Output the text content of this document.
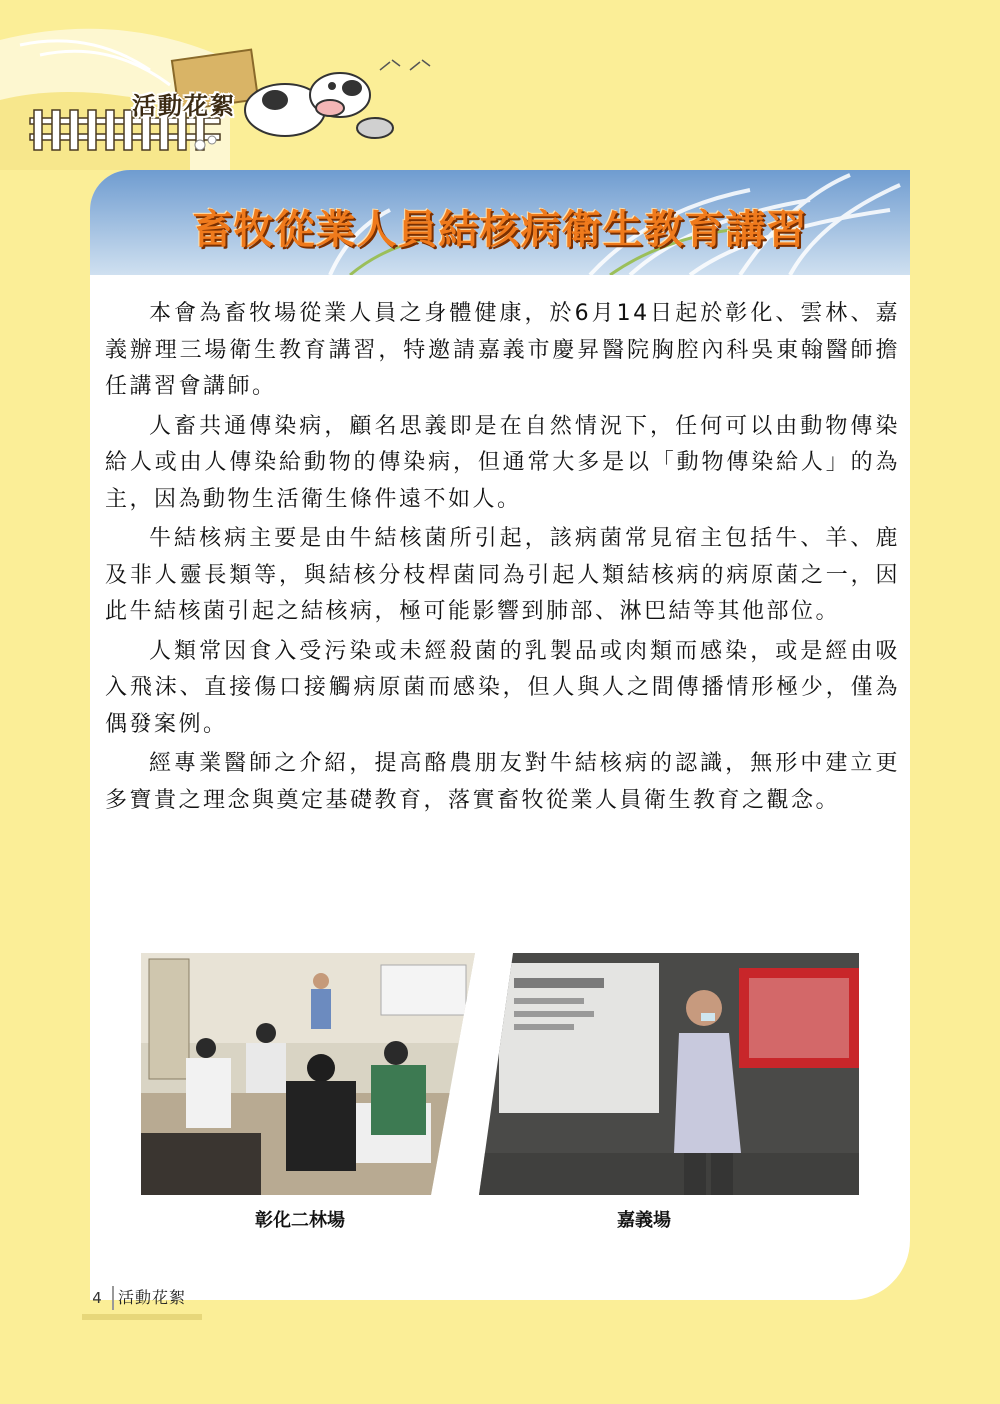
活動花絮
畜牧從業人員結核病衛生教育講習

本會為畜牧場從業人員之身體健康，於6月14日起於彰化、雲林、嘉義辦理三場衛生教育講習，特邀請嘉義市慶昇醫院胸腔內科吳東翰醫師擔任講習會講師。

人畜共通傳染病，顧名思義即是在自然情況下，任何可以由動物傳染給人或由人傳染給動物的傳染病，但通常大多是以「動物傳染給人」的為主，因為動物生活衛生條件遠不如人。

牛結核病主要是由牛結核菌所引起，該病菌常見宿主包括牛、羊、鹿及非人靈長類等，與結核分枝桿菌同為引起人類結核病的病原菌之一，因此牛結核菌引起之結核病，極可能影響到肺部、淋巴結等其他部位。

人類常因食入受污染或未經殺菌的乳製品或肉類而感染，或是經由吸入飛沫、直接傷口接觸病原菌而感染，但人與人之間傳播情形極少，僅為偶發案例。

經專業醫師之介紹，提高酪農朋友對牛結核病的認識，無形中建立更多寶貴之理念與奠定基礎教育，落實畜牧從業人員衛生教育之觀念。

彰化二林場	嘉義場
4	活動花絮
